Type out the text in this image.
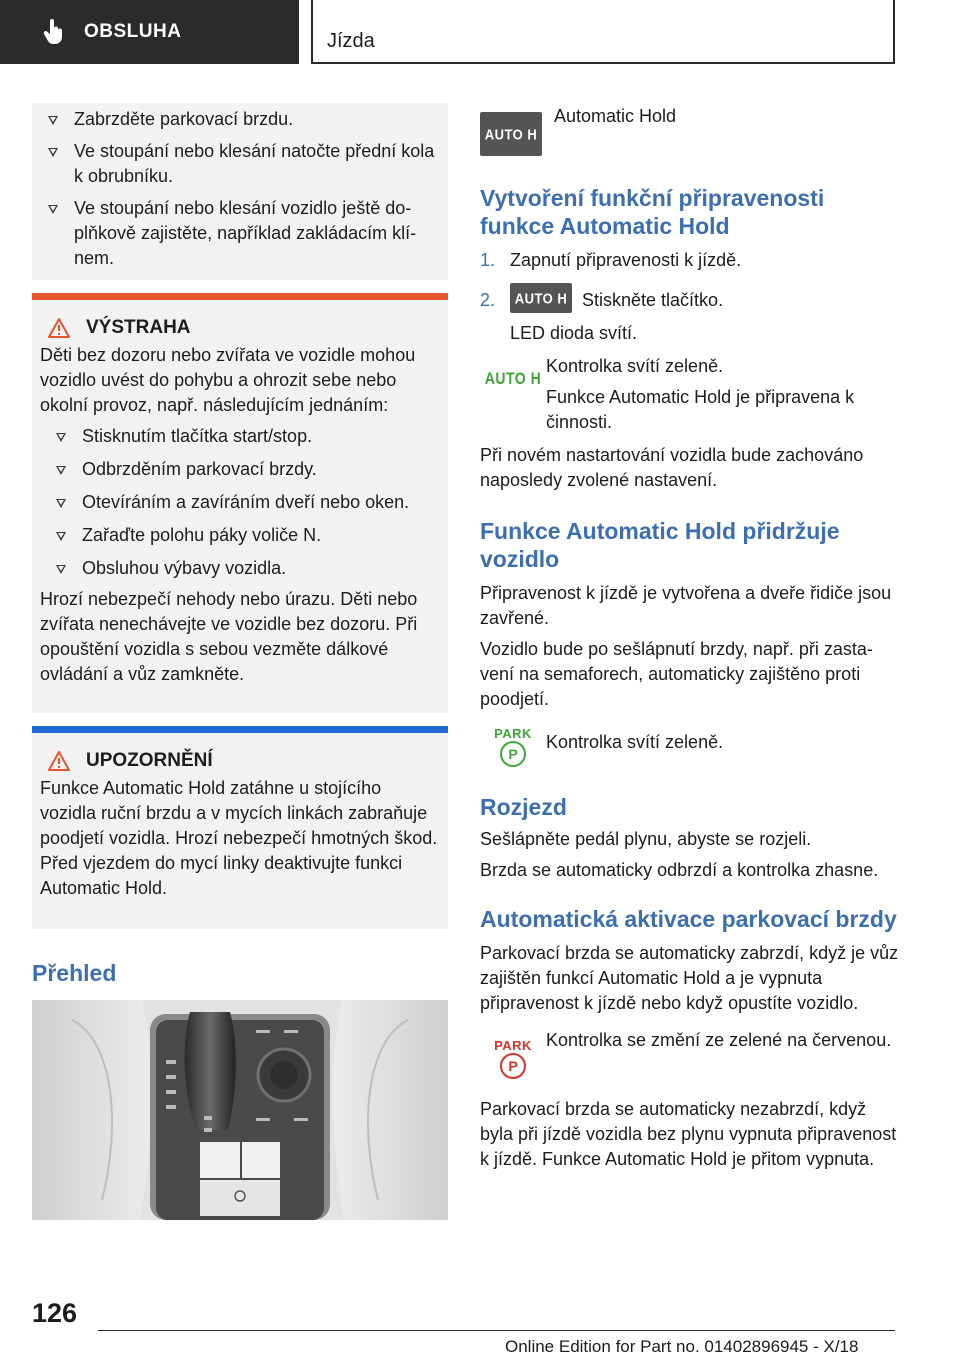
OBSLUHA	Jízda
Zabrzděte parkovací brzdu.
Ve stoupání nebo klesání natočte přední kola k obrubníku.
Ve stoupání nebo klesání vozidlo ještě doplňkově zajistěte, například zakládacím klínem.
VÝSTRAHA

Děti bez dozoru nebo zvířata ve vozidle mohou vozidlo uvést do pohybu a ohrozit sebe nebo okolní provoz, např. následujícím jednáním:

Stisknutím tlačítka start/stop.
Odbrzděním parkovací brzdy.
Otevíráním a zavíráním dveří nebo oken.
Zařaďte polohu páky voliče N.
Obsluhou výbavy vozidla.

Hrozí nebezpečí nehody nebo úrazu. Děti nebo zvířata nenechávejte ve vozidle bez dozoru. Při opouštění vozidla s sebou vezměte dálkové ovládání a vůz zamkněte.

UPOZORNĚNÍ

Funkce Automatic Hold zatáhne u stojícího vozidla ruční brzdu a v mycích linkách zabraňuje poodjetí vozidla. Hrozí nebezpečí hmotných škod. Před vjezdem do mycí linky deaktivujte funkci Automatic Hold.

Přehled
AUTO H

Automatic Hold

Vytvoření funkční připravenosti funkce Automatic Hold
1. Zapnutí připravenosti k jízdě.
2.	AUTO H Stiskněte tlačítko.

LED dioda svítí.

AUTO H

Kontrolka svítí zeleně.

Funkce Automatic Hold je připravena k činnosti.

Při novém nastartování vozidla bude zachováno naposledy zvolené nastavení.

Funkce Automatic Hold přidržuje vozidlo

Připravenost k jízdě je vytvořena a dveře řidiče jsou zavřené.

Vozidlo bude po sešlápnutí brzdy, např. při zastavení na semaforech, automaticky zajištěno proti poodjetí.

PARK
P

Kontrolka svítí zeleně.

Rozjezd

Sešlápněte pedál plynu, abyste se rozjeli.

Brzda se automaticky odbrzdí a kontrolka zhasne.

Automatická aktivace parkovací brzdy

Parkovací brzda se automaticky zabrzdí, když je vůz zajištěn funkcí Automatic Hold a je vypnuta připravenost k jízdě nebo když opustíte vozidlo.

PARK
P

Kontrolka se změní ze zelené na červenou.

Parkovací brzda se automaticky nezabrzdí, když byla při jízdě vozidla bez plynu vypnuta připravenost k jízdě. Funkce Automatic Hold je přitom vypnuta.

126
Online Edition for Part no. 01402896945 - X/18
